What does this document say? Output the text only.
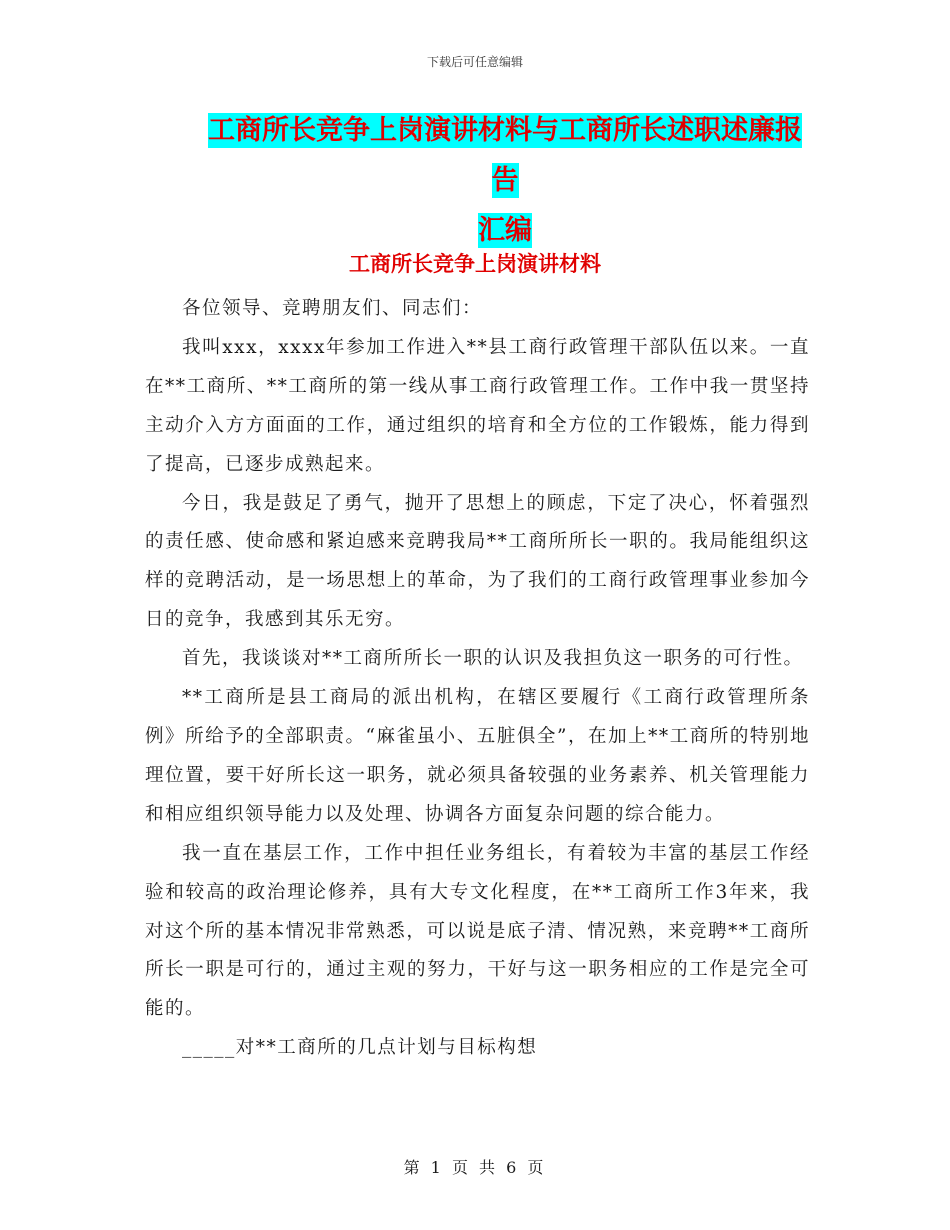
下载后可任意编辑
工商所长竞争上岗演讲材料与工商所长述职述廉报告
汇编
工商所长竞争上岗演讲材料

各位领导、竞聘朋友们、同志们：

我叫xxx，xxxx年参加工作进入**县工商行政管理干部队伍以来。一直在**工商所、**工商所的第一线从事工商行政管理工作。工作中我一贯坚持主动介入方方面面的工作，通过组织的培育和全方位的工作锻炼，能力得到了提高，已逐步成熟起来。

今日，我是鼓足了勇气，抛开了思想上的顾虑，下定了决心，怀着强烈的责任感、使命感和紧迫感来竞聘我局**工商所所长一职的。我局能组织这样的竞聘活动，是一场思想上的革命，为了我们的工商行政管理事业参加今日的竞争，我感到其乐无穷。

首先，我谈谈对**工商所所长一职的认识及我担负这一职务的可行性。

**工商所是县工商局的派出机构，在辖区要履行《工商行政管理所条例》所给予的全部职责。“麻雀虽小、五脏俱全”，在加上**工商所的特别地理位置，要干好所长这一职务，就必须具备较强的业务素养、机关管理能力和相应组织领导能力以及处理、协调各方面复杂问题的综合能力。

我一直在基层工作，工作中担任业务组长，有着较为丰富的基层工作经验和较高的政治理论修养，具有大专文化程度，在**工商所工作3年来，我对这个所的基本情况非常熟悉，可以说是底子清、情况熟，来竞聘**工商所所长一职是可行的，通过主观的努力，干好与这一职务相应的工作是完全可能的。

_____对**工商所的几点计划与目标构想

第 1 页 共 6 页
